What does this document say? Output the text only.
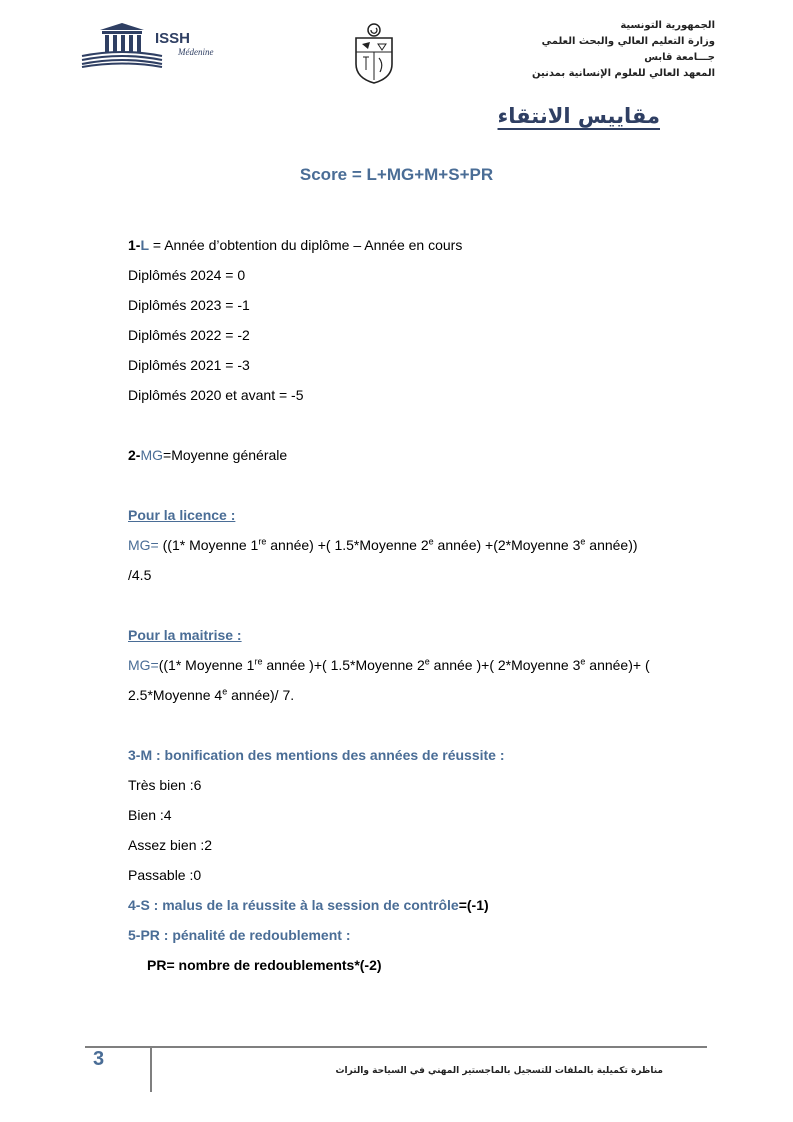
ISSH
Médenine
الجمهورية التونسية
وزارة التعليم العالي والبحث العلمي
جـــامعة قابس
المعهد العالي للعلوم الإنسانية بمدنين
مقاييس الانتقاء
Score = L+MG+M+S+PR
1-L = Année d’obtention du diplôme – Année en cours
Diplômés 2024 = 0
Diplômés 2023 = -1
Diplômés 2022 = -2
Diplômés 2021 = -3
Diplômés 2020 et avant = -5
2-MG=Moyenne générale
Pour la licence :
MG= ((1* Moyenne 1re année) +( 1.5*Moyenne 2e année) +(2*Moyenne 3e année))
/4.5
Pour la maitrise :
MG=((1* Moyenne 1re année )+( 1.5*Moyenne 2e année )+( 2*Moyenne 3e année)+ (
2.5*Moyenne 4e année)/ 7.
3-M : bonification des mentions des années de réussite :
Très bien :6
Bien :4
Assez bien :2
Passable :0
4-S : malus de la réussite à la session de contrôle=(-1)
5-PR : pénalité de redoublement :
PR= nombre de redoublements*(-2)
3
مناظرة تكميلية بالملفات للتسجيل بالماجستير المهني في السياحة والتراث
